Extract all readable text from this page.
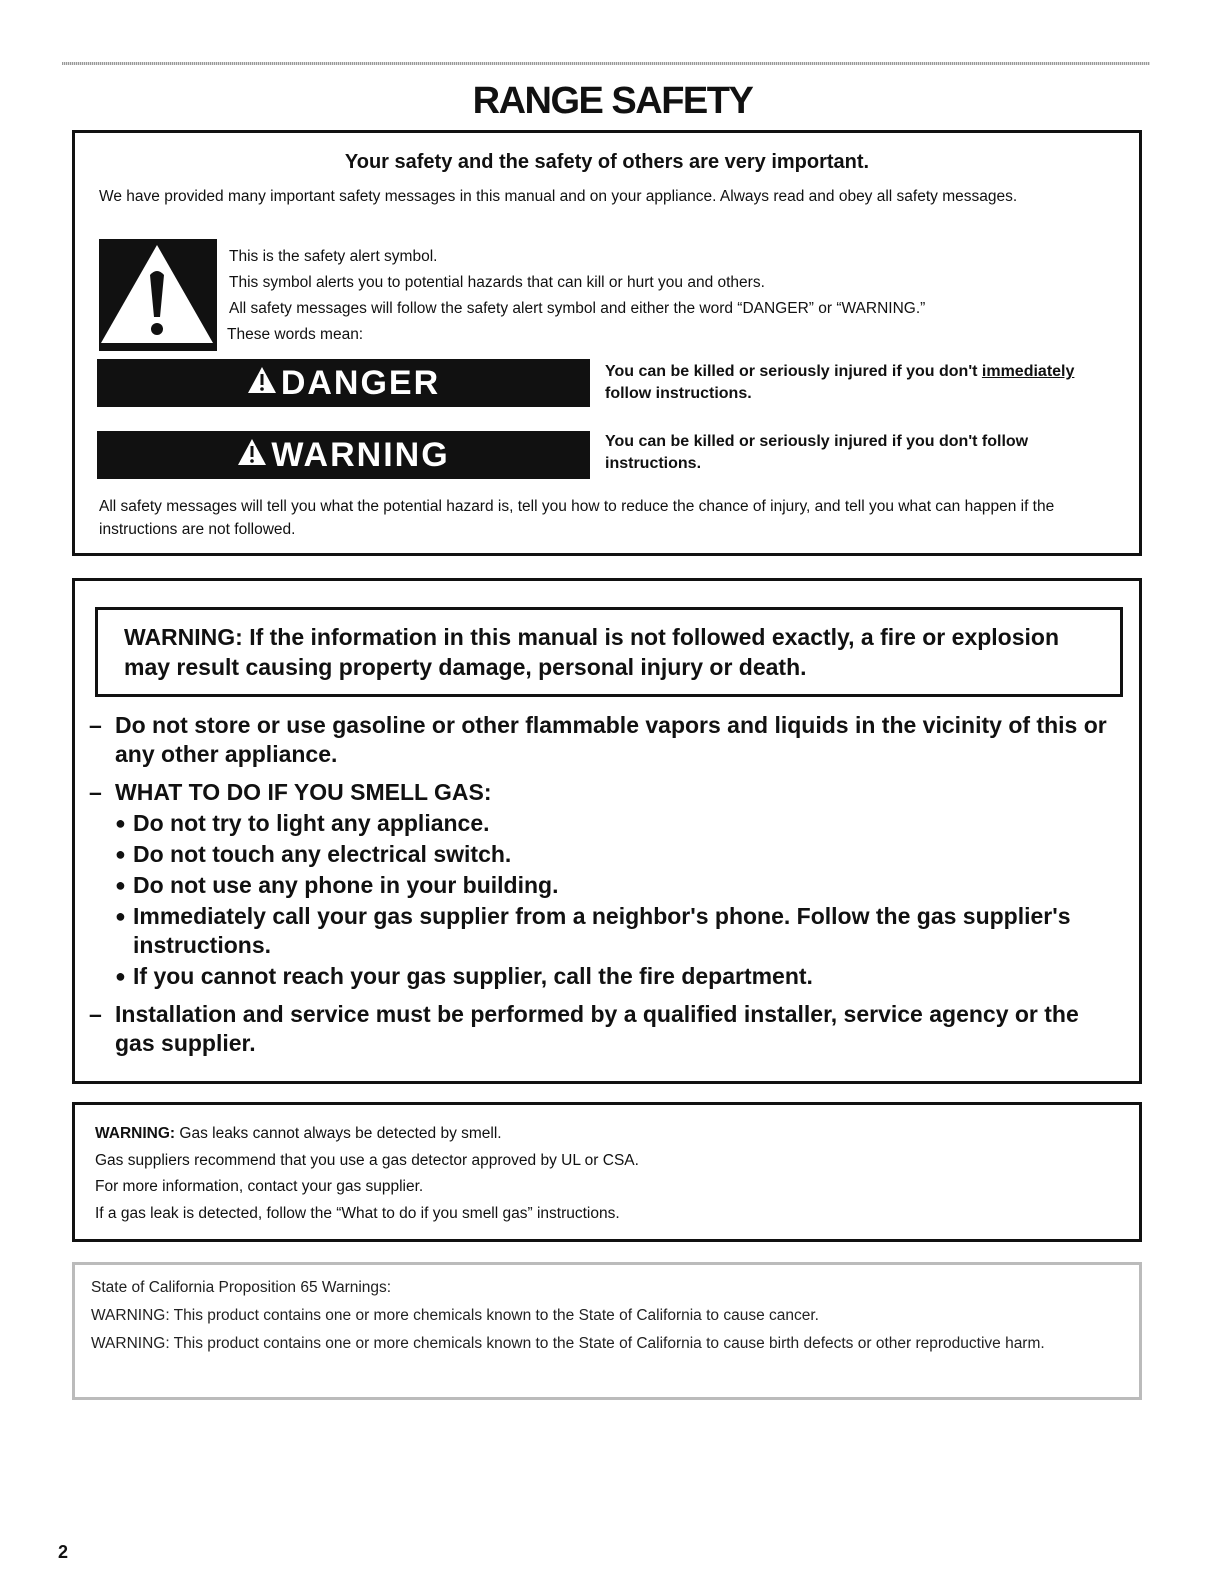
RANGE SAFETY
Your safety and the safety of others are very important.
We have provided many important safety messages in this manual and on your appliance. Always read and obey all safety messages.
This is the safety alert symbol.
This symbol alerts you to potential hazards that can kill or hurt you and others.
All safety messages will follow the safety alert symbol and either the word “DANGER” or “WARNING.”
These words mean:
DANGER	You can be killed or seriously injured if you don't immediately follow instructions.
WARNING	You can be killed or seriously injured if you don't follow instructions.
All safety messages will tell you what the potential hazard is, tell you how to reduce the chance of injury, and tell you what can happen if the instructions are not followed.
WARNING: If the information in this manual is not followed exactly, a fire or explosion may result causing property damage, personal injury or death.
– Do not store or use gasoline or other flammable vapors and liquids in the vicinity of this or any other appliance.
– WHAT TO DO IF YOU SMELL GAS:
● Do not try to light any appliance.
● Do not touch any electrical switch.
● Do not use any phone in your building.
● Immediately call your gas supplier from a neighbor's phone. Follow the gas supplier's instructions.
● If you cannot reach your gas supplier, call the fire department.
– Installation and service must be performed by a qualified installer, service agency or the gas supplier.
WARNING: Gas leaks cannot always be detected by smell.
Gas suppliers recommend that you use a gas detector approved by UL or CSA.
For more information, contact your gas supplier.
If a gas leak is detected, follow the “What to do if you smell gas” instructions.
State of California Proposition 65 Warnings:
WARNING: This product contains one or more chemicals known to the State of California to cause cancer.
WARNING: This product contains one or more chemicals known to the State of California to cause birth defects or other reproductive harm.
2
